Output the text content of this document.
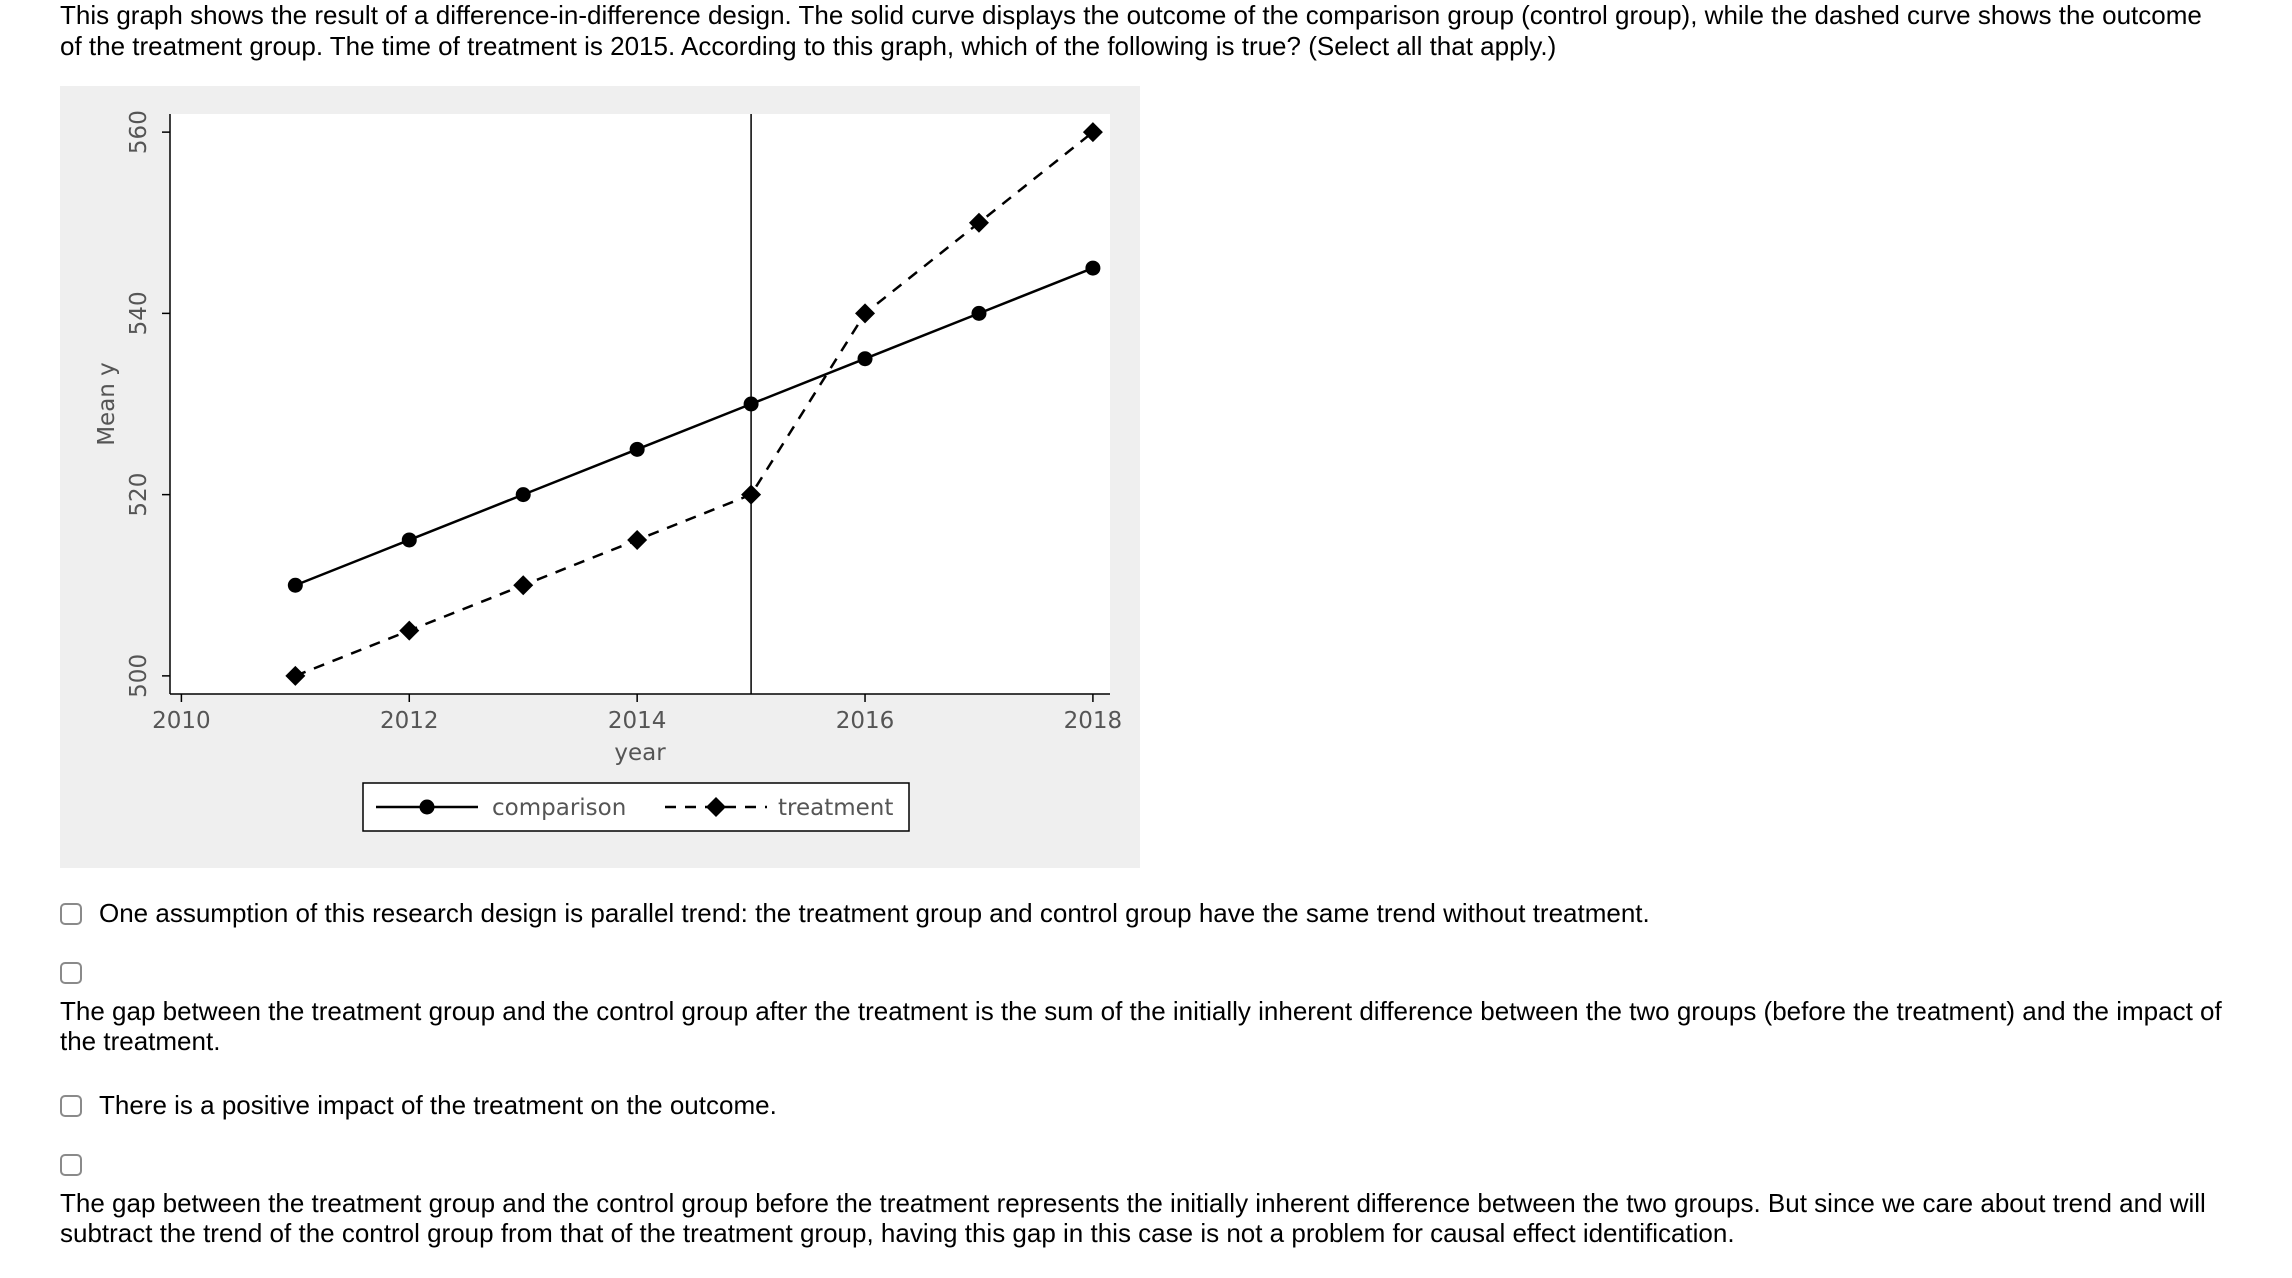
This graph shows the result of a difference-in-difference design. The solid curve displays the outcome of the comparison group (control group), while the dashed curve shows the outcome of the treatment group. The time of treatment is 2015. According to this graph, which of the following is true? (Select all that apply.)
2010	2012	2014	2016	2018
500
520
540
560
year
Mean y
comparison	treatment
One assumption of this research design is parallel trend: the treatment group and control group have the same trend without treatment.
The gap between the treatment group and the control group after the treatment is the sum of the initially inherent difference between the two groups (before the treatment) and the impact of the treatment.
There is a positive impact of the treatment on the outcome.
The gap between the treatment group and the control group before the treatment represents the initially inherent difference between the two groups. But since we care about trend and will subtract the trend of the control group from that of the treatment group, having this gap in this case is not a problem for causal effect identification.
